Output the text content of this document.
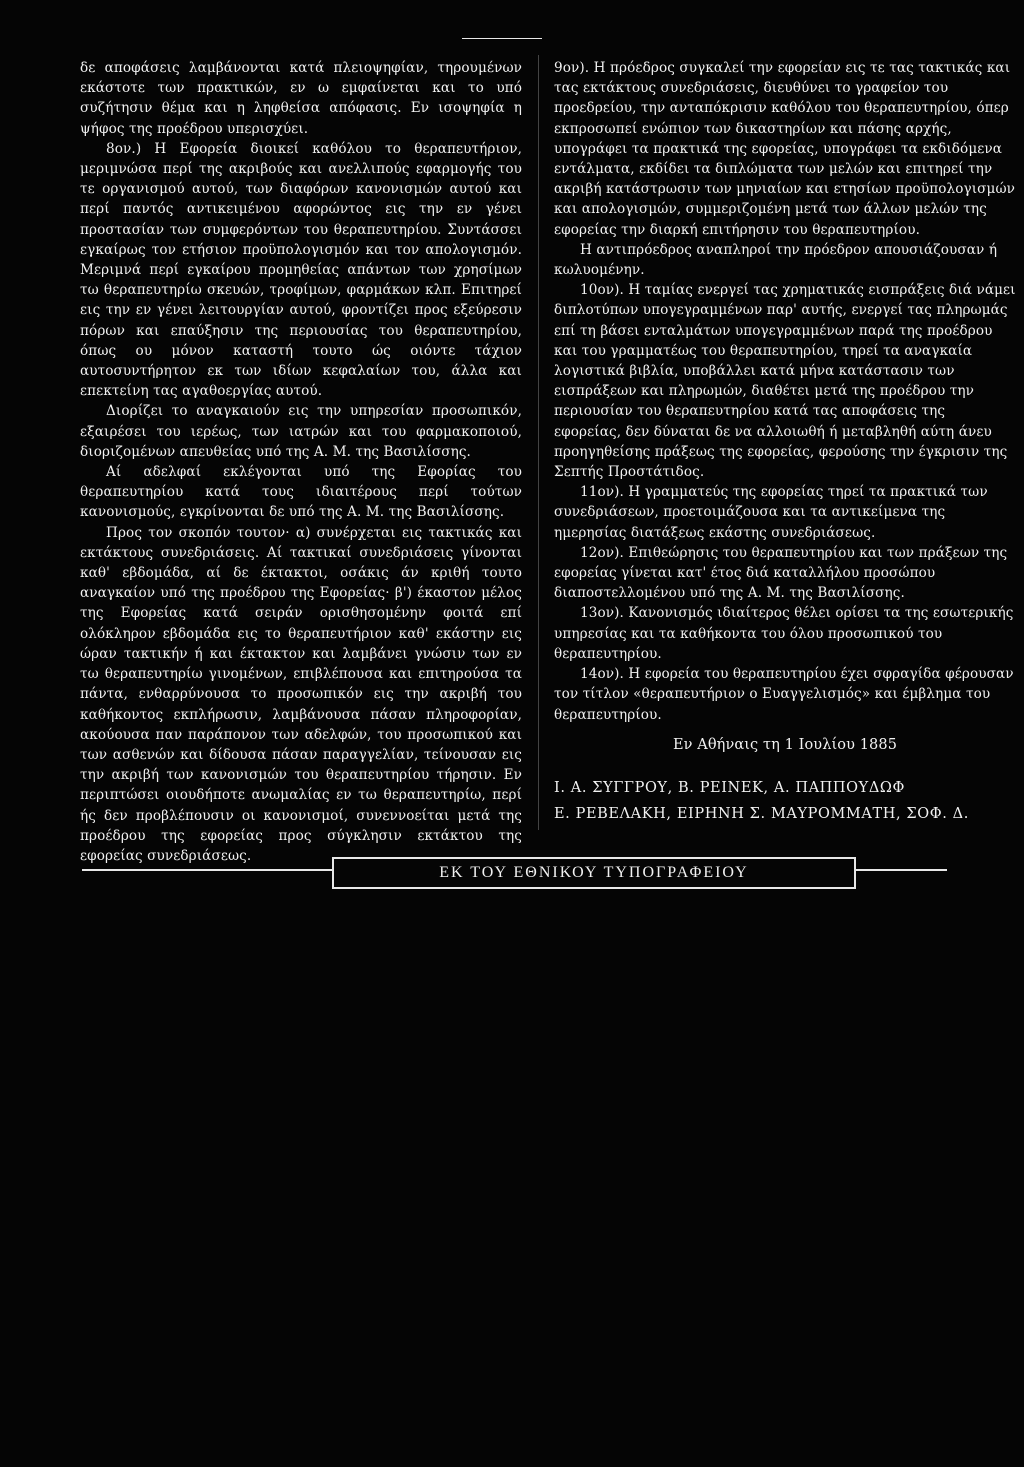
δε αποφάσεις λαμβάνονται κατά πλειοψηφίαν, τηρουμένων εκάστοτε των πρακτικών, εν ω εμφαίνεται και το υπό συζήτησιν θέμα και η ληφθείσα απόφασις. Εν ισοψηφία η ψήφος της προέδρου υπερισχύει.

8ον.) Η Εφορεία διοικεί καθόλου το θεραπευτήριον, μεριμνώσα περί της ακριβούς και ανελλιπούς εφαρμογής του τε οργανισμού αυτού, των διαφόρων κανονισμών αυτού και περί παντός αντικειμένου αφορώντος εις την εν γένει προστασίαν των συμφερόντων του θεραπευτηρίου. Συντάσσει εγκαίρως τον ετήσιον προϋπολογισμόν και τον απολογισμόν. Μεριμνά περί εγκαίρου προμηθείας απάντων των χρησίμων τω θεραπευτηρίω σκευών, τροφίμων, φαρμάκων κλπ. Επιτηρεί εις την εν γένει λειτουργίαν αυτού, φροντίζει προς εξεύρεσιν πόρων και επαύξησιν της περιουσίας του θεραπευτηρίου, όπως ου μόνον καταστή τουτο ώς οιόντε τάχιον αυτοσυντήρητον εκ των ιδίων κεφαλαίων του, άλλα και επεκτείνη τας αγαθοεργίας αυτού.

Διορίζει το αναγκαιούν εις την υπηρεσίαν προσωπικόν, εξαιρέσει του ιερέως, των ιατρών και του φαρμακοποιού, διοριζομένων απευθείας υπό της Α. Μ. της Βασιλίσσης.

Αί αδελφαί εκλέγονται υπό της Εφορίας του θεραπευτηρίου κατά τους ιδιαιτέρους περί τούτων κανονισμούς, εγκρίνονται δε υπό της Α. Μ. της Βασιλίσσης.

Προς τον σκοπόν τουτον· α) συνέρχεται εις τακτικάς και εκτάκτους συνεδριάσεις. Αί τακτικαί συνεδριάσεις γίνονται καθ' εβδομάδα, αί δε έκτακτοι, οσάκις άν κριθή τουτο αναγκαίον υπό της προέδρου της Εφορείας· β') έκαστον μέλος της Εφορείας κατά σειράν ορισθησομένην φοιτά επί ολόκληρον εβδομάδα εις το θεραπευτήριον καθ' εκάστην εις ώραν τακτικήν ή και έκτακτον και λαμβάνει γνώσιν των εν τω θεραπευτηρίω γινομένων, επιβλέπουσα και επιτηρούσα τα πάντα, ενθαρρύνουσα το προσωπικόν εις την ακριβή του καθήκοντος εκπλήρωσιν, λαμβάνουσα πάσαν πληροφορίαν, ακούουσα παν παράπονον των αδελφών, του προσωπικού και των ασθενών και δίδουσα πάσαν παραγγελίαν, τείνουσαν εις την ακριβή των κανονισμών του θεραπευτηρίου τήρησιν. Εν περιπτώσει οιουδήποτε ανωμαλίας εν τω θεραπευτηρίω, περί ής δεν προβλέπουσιν οι κανονισμοί, συνεννοείται μετά της προέδρου της εφορείας προς σύγκλησιν εκτάκτου της εφορείας συνεδριάσεως.

9ον). Η πρόεδρος συγκαλεί την εφορείαν εις τε τας τακτικάς και τας εκτάκτους συνεδριάσεις, διευθύνει το γραφείον του προεδρείου, την ανταπόκρισιν καθόλου του θεραπευτηρίου, όπερ εκπροσωπεί ενώπιον των δικαστηρίων και πάσης αρχής, υπογράφει τα πρακτικά της εφορείας, υπογράφει τα εκδιδόμενα εντάλματα, εκδίδει τα διπλώματα των μελών και επιτηρεί την ακριβή κατάστρωσιν των μηνιαίων και ετησίων προϋπολογισμών και απολογισμών, συμμεριζομένη μετά των άλλων μελών της εφορείας την διαρκή επιτήρησιν του θεραπευτηρίου.

Η αντιπρόεδρος αναπληροί την πρόεδρον απουσιάζουσαν ή κωλυομένην.

10ον). Η ταμίας ενεργεί τας χρηματικάς εισπράξεις διά νάμει διπλοτύπων υπογεγραμμένων παρ' αυτής, ενεργεί τας πληρωμάς επί τη βάσει ενταλμάτων υπογεγραμμένων παρά της προέδρου και του γραμματέως του θεραπευτηρίου, τηρεί τα αναγκαία λογιστικά βιβλία, υποβάλλει κατά μήνα κατάστασιν των εισπράξεων και πληρωμών, διαθέτει μετά της προέδρου την περιουσίαν του θεραπευτηρίου κατά τας αποφάσεις της εφορείας, δεν δύναται δε να αλλοιωθή ή μεταβληθή αύτη άνευ προηγηθείσης πράξεως της εφορείας, φερούσης την έγκρισιν της Σεπτής Προστάτιδος.

11ον). Η γραμματεύς της εφορείας τηρεί τα πρακτικά των συνεδριάσεων, προετοιμάζουσα και τα αντικείμενα της ημερησίας διατάξεως εκάστης συνεδριάσεως.

12ον). Επιθεώρησις του θεραπευτηρίου και των πράξεων της εφορείας γίνεται κατ' έτος διά καταλλήλου προσώπου διαποστελλομένου υπό της Α. Μ. της Βασιλίσσης.

13ον). Κανονισμός ιδιαίτερος θέλει ορίσει τα της εσωτερικής υπηρεσίας και τα καθήκοντα του όλου προσωπικού του θεραπευτηρίου.

14ον). Η εφορεία του θεραπευτηρίου έχει σφραγίδα φέρουσαν τον τίτλον «θεραπευτήριον ο Ευαγγελισμός» και έμβλημα του θεραπευτηρίου.

Εν Αθήναις τη 1 Ιουλίου 1885

Ι. Α. ΣΥΓΓΡΟΥ, Β. ΡΕΙΝΕΚ, Α. ΠΑΠΠΟΥΔΩΦ
Ε. ΡΕΒΕΛΑΚΗ, ΕΙΡΗΝΗ Σ. ΜΑΥΡΟΜΜΑΤΗ, ΣΟΦ. Δ.

ΕΚ ΤΟΥ ΕΘΝΙΚΟΥ ΤΥΠΟΓΡΑΦΕΙΟΥ
